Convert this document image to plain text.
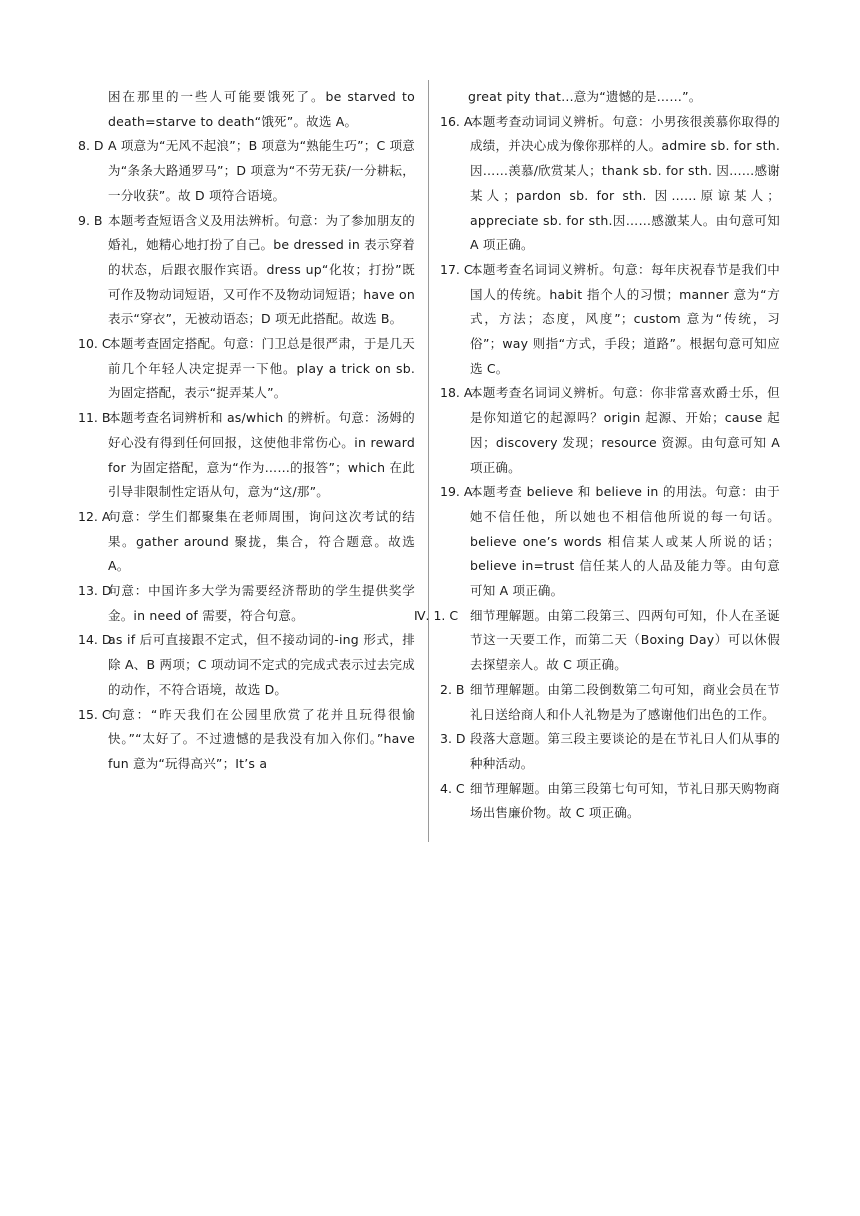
困在那里的一些人可能要饿死了。be starved to death=starve to death“饿死”。故选 A。
8. D A 项意为“无风不起浪”；B 项意为“熟能生巧”；C 项意为“条条大路通罗马”；D 项意为“不劳无获/一分耕耘，一分收获”。故 D 项符合语境。
9. B 本题考查短语含义及用法辨析。句意：为了参加朋友的婚礼，她精心地打扮了自己。be dressed in 表示穿着的状态，后跟衣服作宾语。dress up“化妆；打扮”既可作及物动词短语，又可作不及物动词短语；have on 表示“穿衣”，无被动语态；D 项无此搭配。故选 B。
10. C
本题考查固定搭配。句意：门卫总是很严肃，于是几天前几个年轻人决定捉弄一下他。play a trick on sb. 为固定搭配，表示“捉弄某人”。
11. B
本题考查名词辨析和 as/which 的辨析。句意：汤姆的好心没有得到任何回报，这使他非常伤心。in reward for 为固定搭配，意为“作为……的报答”；which 在此引导非限制性定语从句，意为“这/那”。
12. A
句意：学生们都聚集在老师周围，询问这次考试的结果。gather around 聚拢，集合，符合题意。故选 A。
13. D
句意：中国许多大学为需要经济帮助的学生提供奖学金。in need of 需要，符合句意。
14. D
as if 后可直接跟不定式，但不接动词的-ing 形式，排除 A、B 两项；C 项动词不定式的完成式表示过去完成的动作，不符合语境，故选 D。
15. C
句意：“昨天我们在公园里欣赏了花并且玩得很愉快。”“太好了。不过遗憾的是我没有加入你们。”have fun 意为“玩得高兴”；It’s a
great pity that…意为“遗憾的是……”。
16. A
本题考查动词词义辨析。句意：小男孩很羡慕你取得的成绩，并决心成为像你那样的人。admire sb. for sth. 因……羡慕/欣赏某人；thank sb. for sth. 因……感谢某人；pardon sb. for sth. 因……原谅某人；appreciate sb. for sth.因……感激某人。由句意可知 A 项正确。
17. C
本题考查名词词义辨析。句意：每年庆祝春节是我们中国人的传统。habit 指个人的习惯；manner 意为“方式，方法；态度，风度”；custom 意为“传统，习俗”；way 则指“方式，手段；道路”。根据句意可知应选 C。
18. A
本题考查名词词义辨析。句意：你非常喜欢爵士乐，但是你知道它的起源吗？origin 起源、开始；cause 起因；discovery 发现；resource 资源。由句意可知 A 项正确。
19. A
本题考查 believe 和 believe in 的用法。句意：由于她不信任他，所以她也不相信他所说的每一句话。believe one’s words 相信某人或某人所说的话；believe in=trust 信任某人的人品及能力等。由句意可知 A 项正确。
Ⅳ. 1. C 细节理解题。由第二段第三、四两句可知，仆人在圣诞节这一天要工作，而第二天（Boxing Day）可以休假去探望亲人。故 C 项正确。
2. B 细节理解题。由第二段倒数第二句可知，商业会员在节礼日送给商人和仆人礼物是为了感谢他们出色的工作。
3. D 段落大意题。第三段主要谈论的是在节礼日人们从事的种种活动。
4. C 细节理解题。由第三段第七句可知，节礼日那天购物商场出售廉价物。故 C 项正确。
